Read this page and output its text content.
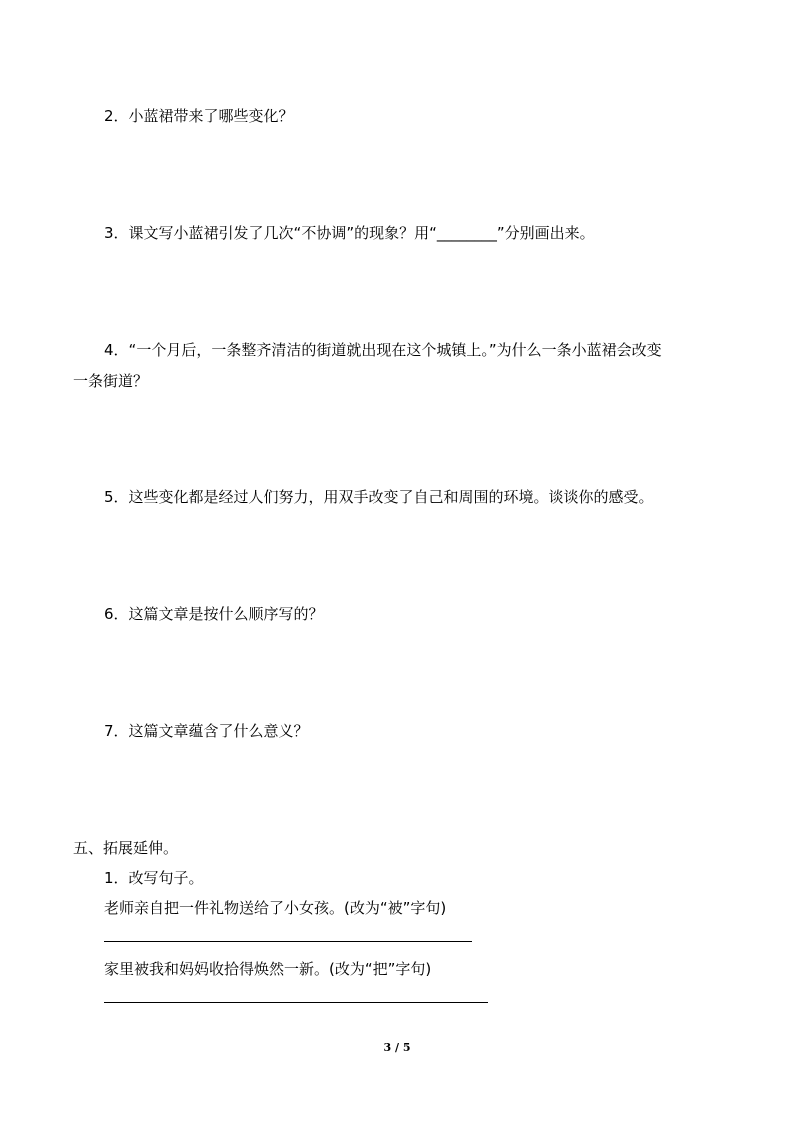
2．小蓝裙带来了哪些变化？
3．课文写小蓝裙引发了几次“不协调”的现象？用“________”分别画出来。
4．“一个月后，一条整齐清洁的街道就出现在这个城镇上。”为什么一条小蓝裙会改变
一条街道？
5．这些变化都是经过人们努力，用双手改变了自己和周围的环境。谈谈你的感受。
6．这篇文章是按什么顺序写的？
7．这篇文章蕴含了什么意义？
五、拓展延伸。
1．改写句子。
老师亲自把一件礼物送给了小女孩。(改为“被”字句)
家里被我和妈妈收拾得焕然一新。(改为“把”字句)
3 / 5
